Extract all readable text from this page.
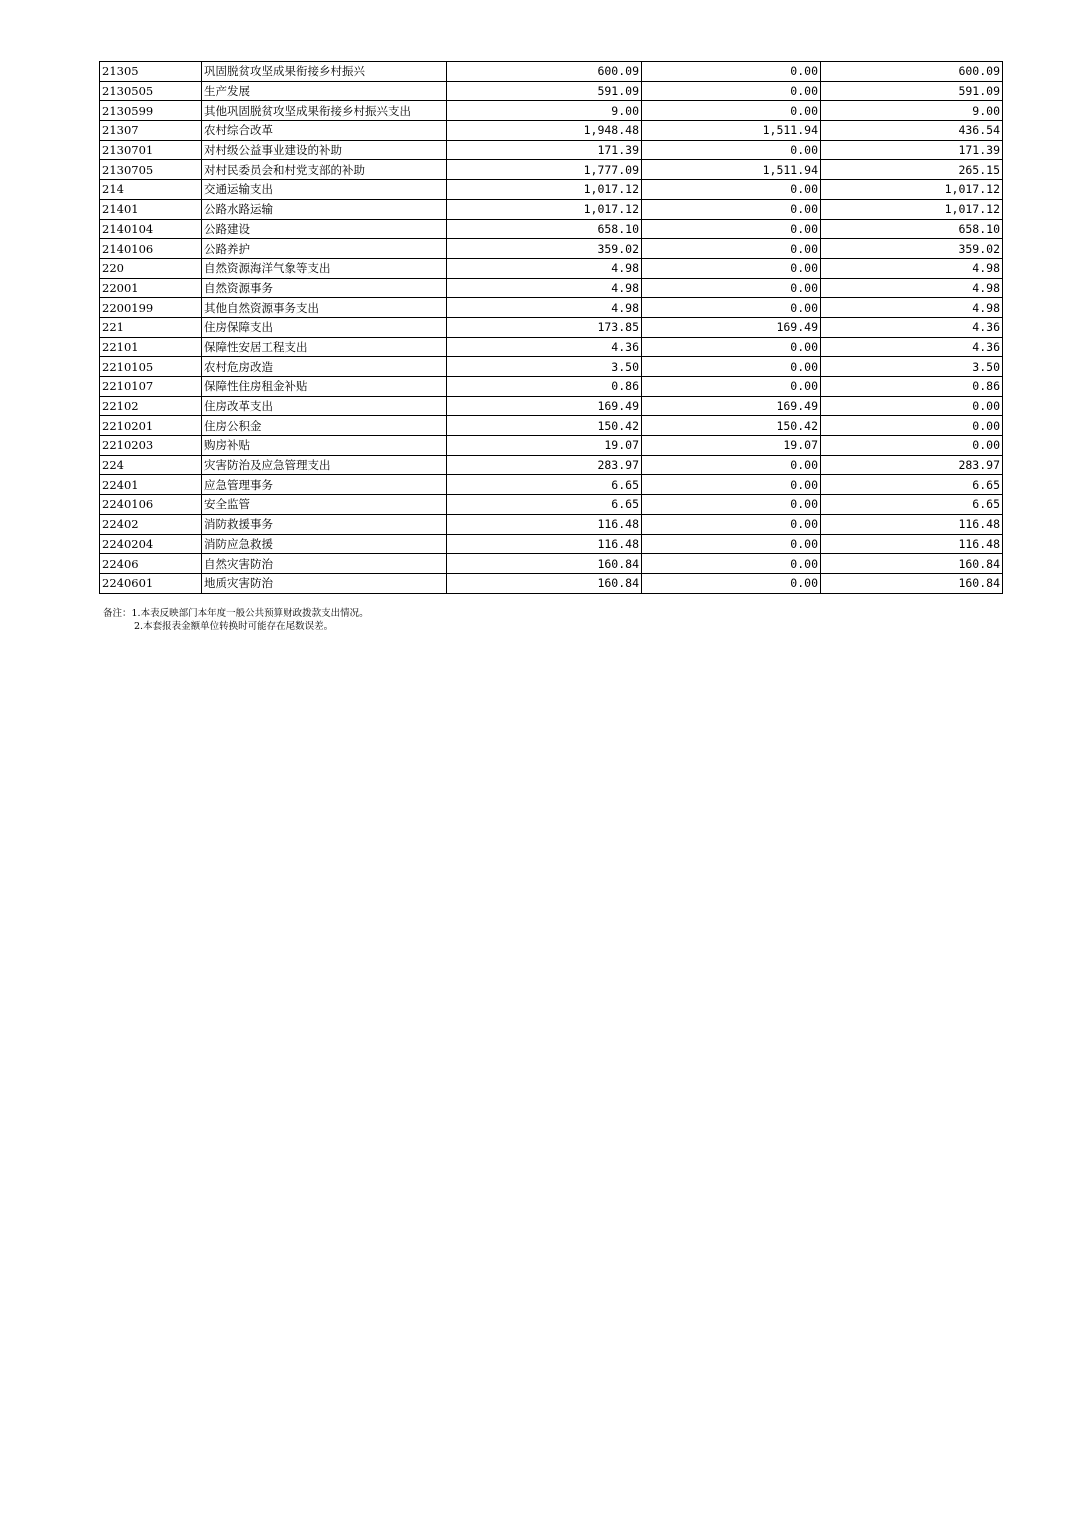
21305	巩固脱贫攻坚成果衔接乡村振兴	600.09	0.00	600.09
2130505	生产发展	591.09	0.00	591.09
2130599	其他巩固脱贫攻坚成果衔接乡村振兴支出	9.00	0.00	9.00
21307	农村综合改革	1,948.48	1,511.94	436.54
2130701	对村级公益事业建设的补助	171.39	0.00	171.39
2130705	对村民委员会和村党支部的补助	1,777.09	1,511.94	265.15
214	交通运输支出	1,017.12	0.00	1,017.12
21401	公路水路运输	1,017.12	0.00	1,017.12
2140104	公路建设	658.10	0.00	658.10
2140106	公路养护	359.02	0.00	359.02
220	自然资源海洋气象等支出	4.98	0.00	4.98
22001	自然资源事务	4.98	0.00	4.98
2200199	其他自然资源事务支出	4.98	0.00	4.98
221	住房保障支出	173.85	169.49	4.36
22101	保障性安居工程支出	4.36	0.00	4.36
2210105	农村危房改造	3.50	0.00	3.50
2210107	保障性住房租金补贴	0.86	0.00	0.86
22102	住房改革支出	169.49	169.49	0.00
2210201	住房公积金	150.42	150.42	0.00
2210203	购房补贴	19.07	19.07	0.00
224	灾害防治及应急管理支出	283.97	0.00	283.97
22401	应急管理事务	6.65	0.00	6.65
2240106	安全监管	6.65	0.00	6.65
22402	消防救援事务	116.48	0.00	116.48
2240204	消防应急救援	116.48	0.00	116.48
22406	自然灾害防治	160.84	0.00	160.84
2240601	地质灾害防治	160.84	0.00	160.84
备注：1.本表反映部门本年度一般公共预算财政拨款支出情况。
2.本套报表金额单位转换时可能存在尾数误差。
